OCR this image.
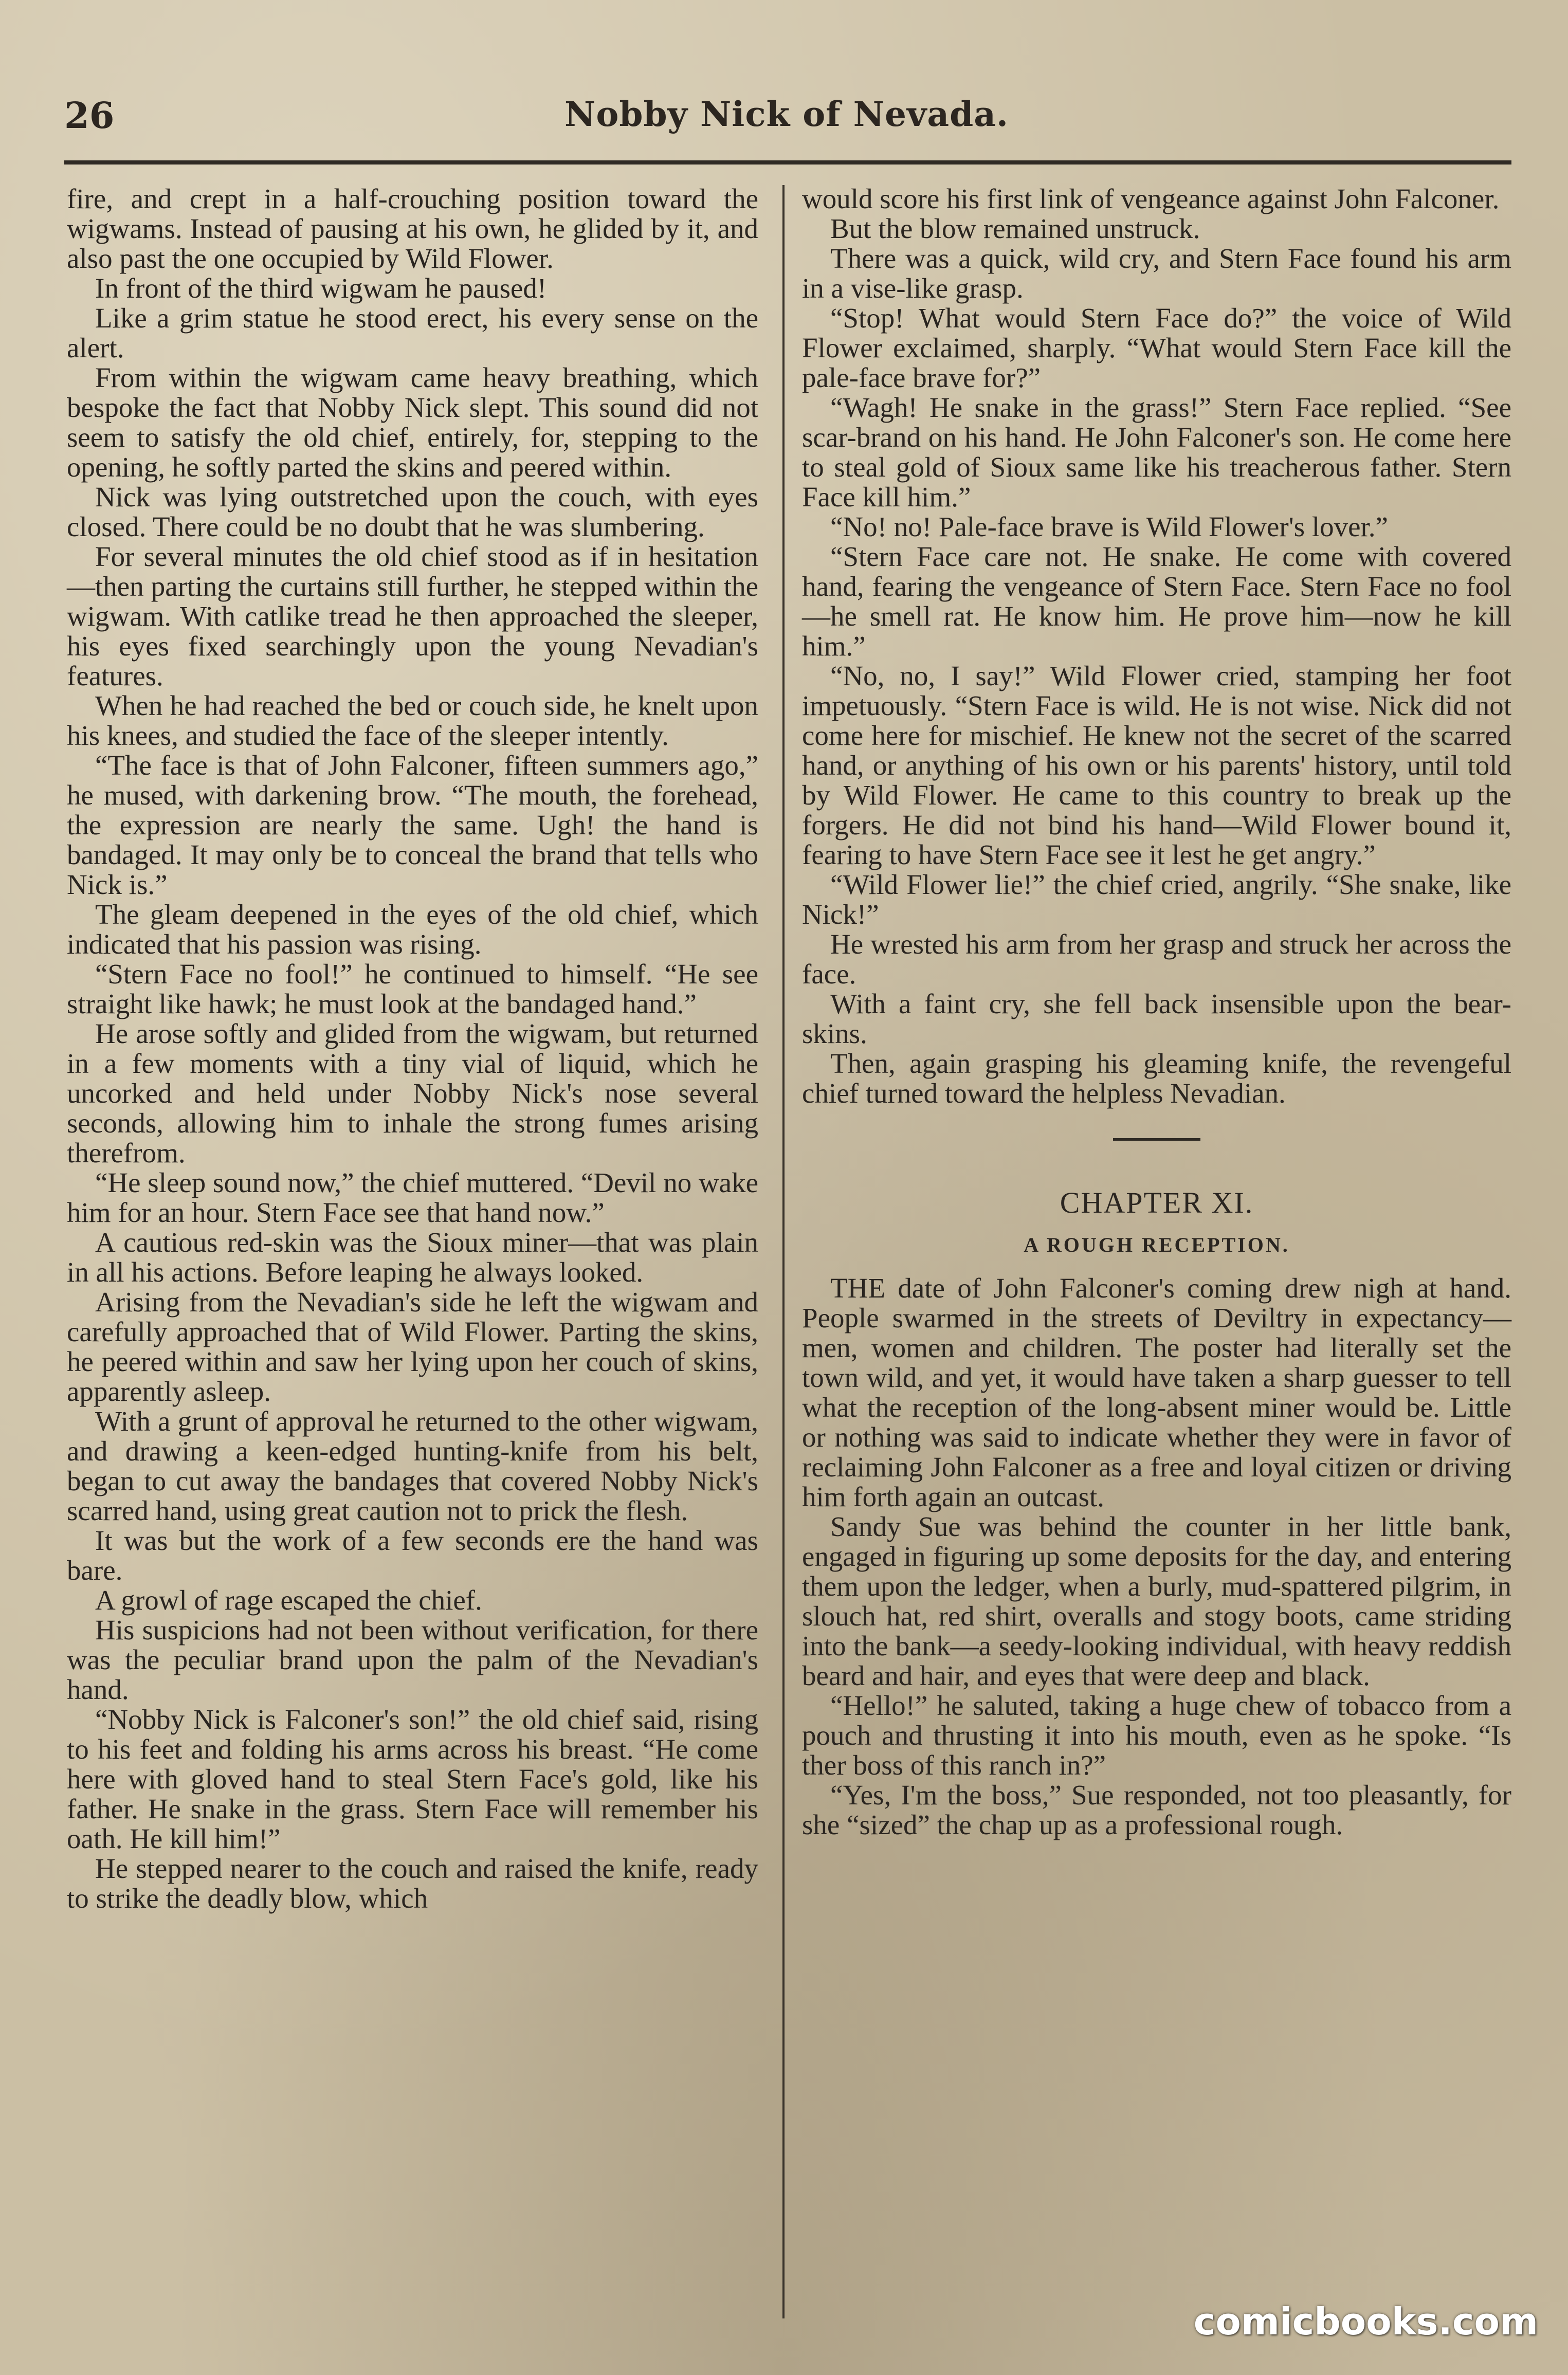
26	Nobby Nick of Nevada.

fire, and crept in a half-crouching position toward the wigwams. Instead of pausing at his own, he glided by it, and also past the one occupied by Wild Flower.

In front of the third wigwam he paused!

Like a grim statue he stood erect, his every sense on the alert.

From within the wigwam came heavy breathing, which bespoke the fact that Nobby Nick slept. This sound did not seem to satisfy the old chief, entirely, for, stepping to the opening, he softly parted the skins and peered within.

Nick was lying outstretched upon the couch, with eyes closed. There could be no doubt that he was slumbering.

For several minutes the old chief stood as if in hesitation—then parting the curtains still further, he stepped within the wigwam. With catlike tread he then approached the sleeper, his eyes fixed searchingly upon the young Nevadian's features.

When he had reached the bed or couch side, he knelt upon his knees, and studied the face of the sleeper intently.

“The face is that of John Falconer, fifteen summers ago,” he mused, with darkening brow. “The mouth, the forehead, the expression are nearly the same. Ugh! the hand is bandaged. It may only be to conceal the brand that tells who Nick is.”

The gleam deepened in the eyes of the old chief, which indicated that his passion was rising.

“Stern Face no fool!” he continued to himself. “He see straight like hawk; he must look at the bandaged hand.”

He arose softly and glided from the wigwam, but returned in a few moments with a tiny vial of liquid, which he uncorked and held under Nobby Nick's nose several seconds, allowing him to inhale the strong fumes arising therefrom.

“He sleep sound now,” the chief muttered. “Devil no wake him for an hour. Stern Face see that hand now.”

A cautious red-skin was the Sioux miner—that was plain in all his actions. Before leaping he always looked.

Arising from the Nevadian's side he left the wigwam and carefully approached that of Wild Flower. Parting the skins, he peered within and saw her lying upon her couch of skins, apparently asleep.

With a grunt of approval he returned to the other wigwam, and drawing a keen-edged hunting-knife from his belt, began to cut away the bandages that covered Nobby Nick's scarred hand, using great caution not to prick the flesh.

It was but the work of a few seconds ere the hand was bare.

A growl of rage escaped the chief.

His suspicions had not been without verification, for there was the peculiar brand upon the palm of the Nevadian's hand.

“Nobby Nick is Falconer's son!” the old chief said, rising to his feet and folding his arms across his breast. “He come here with gloved hand to steal Stern Face's gold, like his father. He snake in the grass. Stern Face will remember his oath. He kill him!”

He stepped nearer to the couch and raised the knife, ready to strike the deadly blow, which

would score his first link of vengeance against John Falconer.

But the blow remained unstruck.

There was a quick, wild cry, and Stern Face found his arm in a vise-like grasp.

“Stop! What would Stern Face do?” the voice of Wild Flower exclaimed, sharply. “What would Stern Face kill the pale-face brave for?”

“Wagh! He snake in the grass!” Stern Face replied. “See scar-brand on his hand. He John Falconer's son. He come here to steal gold of Sioux same like his treacherous father. Stern Face kill him.”

“No! no! Pale-face brave is Wild Flower's lover.”

“Stern Face care not. He snake. He come with covered hand, fearing the vengeance of Stern Face. Stern Face no fool—he smell rat. He know him. He prove him—now he kill him.”

“No, no, I say!” Wild Flower cried, stamping her foot impetuously. “Stern Face is wild. He is not wise. Nick did not come here for mischief. He knew not the secret of the scarred hand, or anything of his own or his parents' history, until told by Wild Flower. He came to this country to break up the forgers. He did not bind his hand—Wild Flower bound it, fearing to have Stern Face see it lest he get angry.”

“Wild Flower lie!” the chief cried, angrily. “She snake, like Nick!”

He wrested his arm from her grasp and struck her across the face.

With a faint cry, she fell back insensible upon the bear-skins.

Then, again grasping his gleaming knife, the revengeful chief turned toward the helpless Nevadian.

CHAPTER XI.
A ROUGH RECEPTION.

THE date of John Falconer's coming drew nigh at hand. People swarmed in the streets of Deviltry in expectancy—men, women and children. The poster had literally set the town wild, and yet, it would have taken a sharp guesser to tell what the reception of the long-absent miner would be. Little or nothing was said to indicate whether they were in favor of reclaiming John Falconer as a free and loyal citizen or driving him forth again an outcast.

Sandy Sue was behind the counter in her little bank, engaged in figuring up some deposits for the day, and entering them upon the ledger, when a burly, mud-spattered pilgrim, in slouch hat, red shirt, overalls and stogy boots, came striding into the bank—a seedy-looking individual, with heavy reddish beard and hair, and eyes that were deep and black.

“Hello!” he saluted, taking a huge chew of tobacco from a pouch and thrusting it into his mouth, even as he spoke. “Is ther boss of this ranch in?”

“Yes, I'm the boss,” Sue responded, not too pleasantly, for she “sized” the chap up as a professional rough.

comicbooks.com
